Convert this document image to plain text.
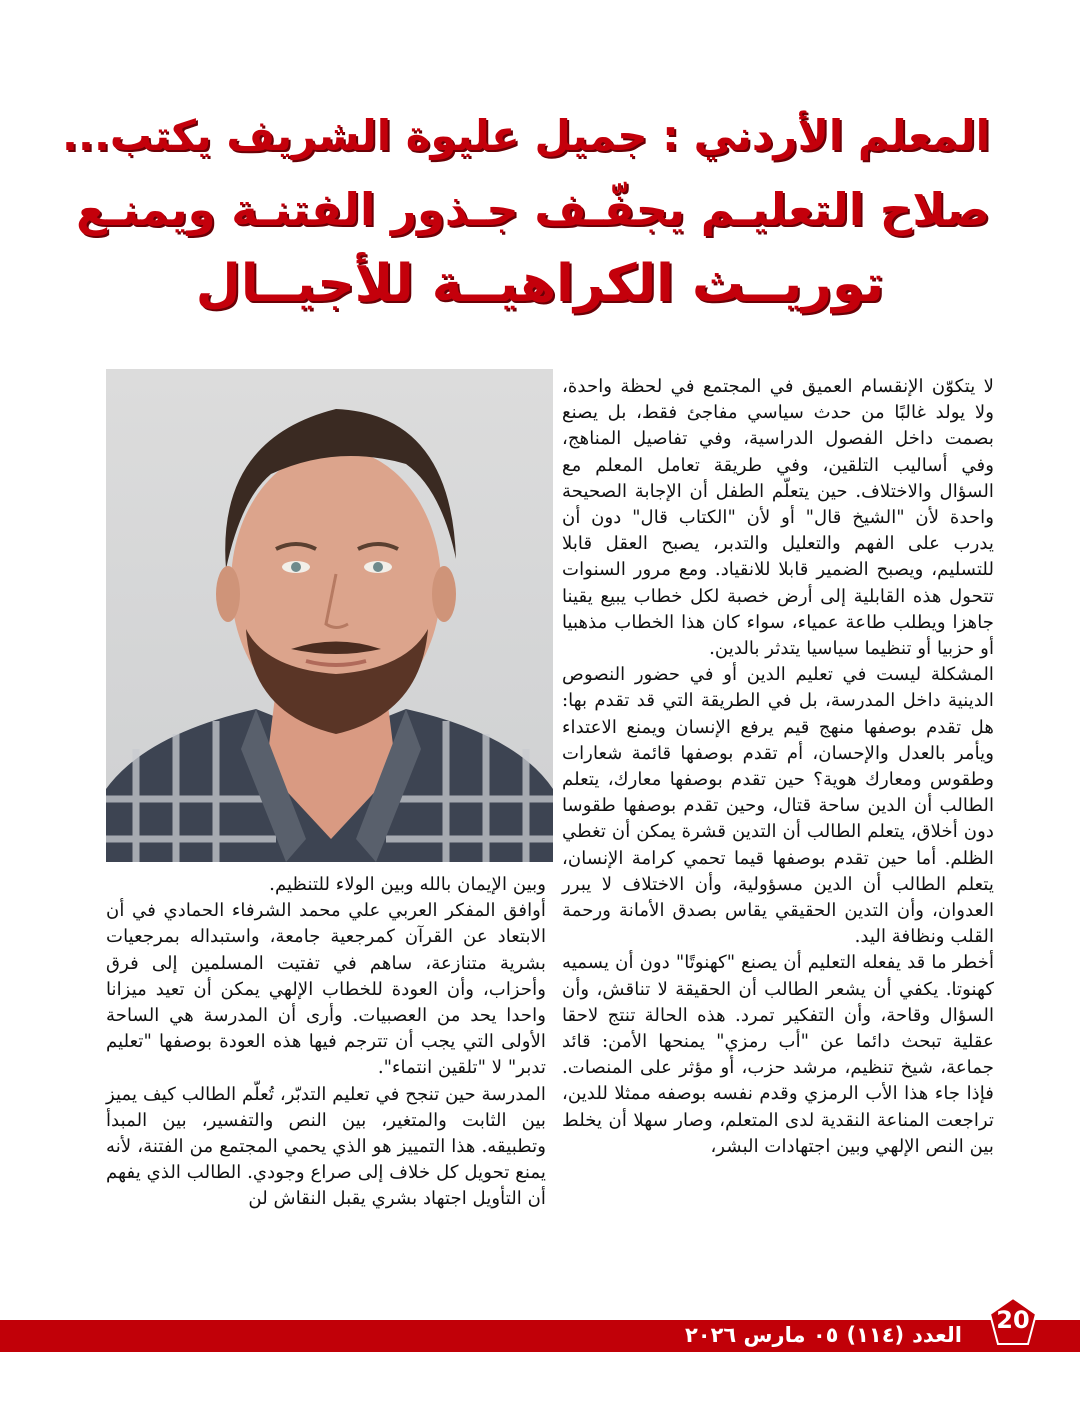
المعلم الأردني : جميل عليوة الشريف يكتب...
صلاح التعليـم يجفّـف جـذور الفتنـة ويمنـع
توريــث الكراهيــة للأجيــال

لا يتكوّن الإنقسام العميق في المجتمع في لحظة واحدة، ولا يولد غالبًا من حدث سياسي مفاجئ فقط، بل يصنع بصمت داخل الفصول الدراسية، وفي تفاصيل المناهج، وفي أساليب التلقين، وفي طريقة تعامل المعلم مع السؤال والاختلاف. حين يتعلّم الطفل أن الإجابة الصحيحة واحدة لأن "الشيخ قال" أو لأن "الكتاب قال" دون أن يدرب على الفهم والتعليل والتدبر، يصبح العقل قابلا للتسليم، ويصبح الضمير قابلا للانقياد. ومع مرور السنوات تتحول هذه القابلية إلى أرض خصبة لكل خطاب يبيع يقينا جاهزا ويطلب طاعة عمياء، سواء كان هذا الخطاب مذهبيا أو حزبيا أو تنظيما سياسيا يتدثر بالدين.

المشكلة ليست في تعليم الدين أو في حضور النصوص الدينية داخل المدرسة، بل في الطريقة التي قد تقدم بها: هل تقدم بوصفها منهج قيم يرفع الإنسان ويمنع الاعتداء ويأمر بالعدل والإحسان، أم تقدم بوصفها قائمة شعارات وطقوس ومعارك هوية؟ حين تقدم بوصفها معارك، يتعلم الطالب أن الدين ساحة قتال، وحين تقدم بوصفها طقوسا دون أخلاق، يتعلم الطالب أن التدين قشرة يمكن أن تغطي الظلم. أما حين تقدم بوصفها قيما تحمي كرامة الإنسان، يتعلم الطالب أن الدين مسؤولية، وأن الاختلاف لا يبرر العدوان، وأن التدين الحقيقي يقاس بصدق الأمانة ورحمة القلب ونظافة اليد.

أخطر ما قد يفعله التعليم أن يصنع "كهنوتًا" دون أن يسميه كهنوتا. يكفي أن يشعر الطالب أن الحقيقة لا تناقش، وأن السؤال وقاحة، وأن التفكير تمرد. هذه الحالة تنتج لاحقا عقلية تبحث دائما عن "أب رمزي" يمنحها الأمن: قائد جماعة، شيخ تنظيم، مرشد حزب، أو مؤثر على المنصات. فإذا جاء هذا الأب الرمزي وقدم نفسه بوصفه ممثلا للدين، تراجعت المناعة النقدية لدى المتعلم، وصار سهلا أن يخلط بين النص الإلهي وبين اجتهادات البشر،

وبين الإيمان بالله وبين الولاء للتنظيم.

أوافق المفكر العربي علي محمد الشرفاء الحمادي في أن الابتعاد عن القرآن كمرجعية جامعة، واستبداله بمرجعيات بشرية متنازعة، ساهم في تفتيت المسلمين إلى فرق وأحزاب، وأن العودة للخطاب الإلهي يمكن أن تعيد ميزانا واحدا يحد من العصبيات. وأرى أن المدرسة هي الساحة الأولى التي يجب أن تترجم فيها هذه العودة بوصفها "تعليم تدبر" لا "تلقين انتماء".

المدرسة حين تنجح في تعليم التدبّر، تُعلّم الطالب كيف يميز بين الثابت والمتغير، بين النص والتفسير، بين المبدأ وتطبيقه. هذا التمييز هو الذي يحمي المجتمع من الفتنة، لأنه يمنع تحويل كل خلاف إلى صراع وجودي. الطالب الذي يفهم أن التأويل اجتهاد بشري يقبل النقاش لن

العدد(١١٤)٠٥ مارس ٢٠٢٦
20
